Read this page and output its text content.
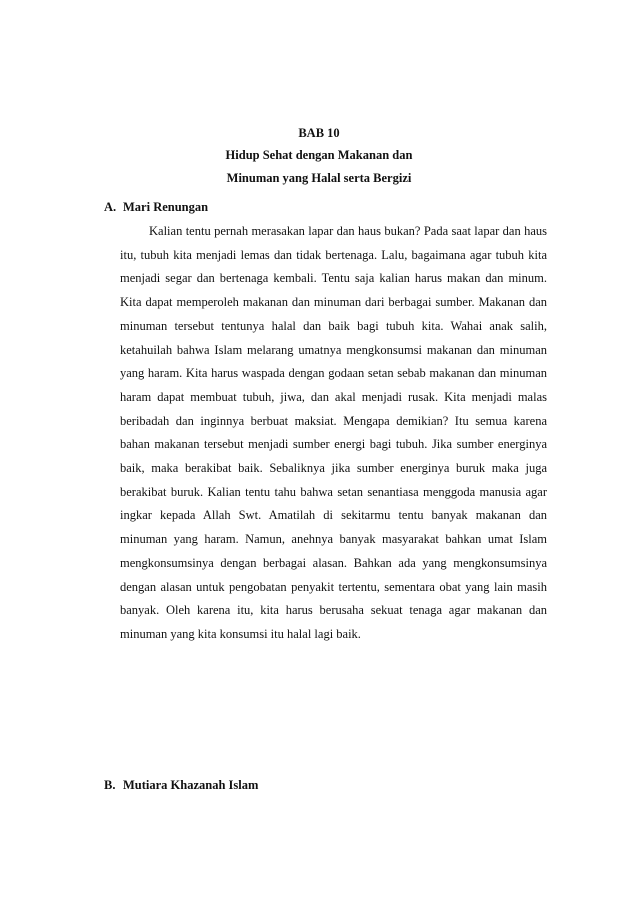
BAB 10
Hidup Sehat dengan Makanan dan
Minuman yang Halal serta Bergizi
A. Mari Renungan

Kalian tentu pernah merasakan lapar dan haus bukan? Pada saat lapar dan haus itu, tubuh kita menjadi lemas dan tidak bertenaga. Lalu, bagaimana agar tubuh kita menjadi segar dan bertenaga kembali. Tentu saja kalian harus makan dan minum. Kita dapat memperoleh makanan dan minuman dari berbagai sumber. Makanan dan minuman tersebut tentunya halal dan baik bagi tubuh kita. Wahai anak salih, ketahuilah bahwa Islam melarang umatnya mengkonsumsi makanan dan minuman yang haram. Kita harus waspada dengan godaan setan sebab makanan dan minuman haram dapat membuat tubuh, jiwa, dan akal menjadi rusak. Kita menjadi malas beribadah dan inginnya berbuat maksiat. Mengapa demikian? Itu semua karena bahan makanan tersebut menjadi sumber energi bagi tubuh. Jika sumber energinya baik, maka berakibat baik. Sebaliknya jika sumber energinya buruk maka juga berakibat buruk. Kalian tentu tahu bahwa setan senantiasa menggoda manusia agar ingkar kepada Allah Swt. Amatilah di sekitarmu tentu banyak makanan dan minuman yang haram. Namun, anehnya banyak masyarakat bahkan umat Islam mengkonsumsinya dengan berbagai alasan. Bahkan ada yang mengkonsumsinya dengan alasan untuk pengobatan penyakit tertentu, sementara obat yang lain masih banyak. Oleh karena itu, kita harus berusaha sekuat tenaga agar makanan dan minuman yang kita konsumsi itu halal lagi baik.

B. Mutiara Khazanah Islam
